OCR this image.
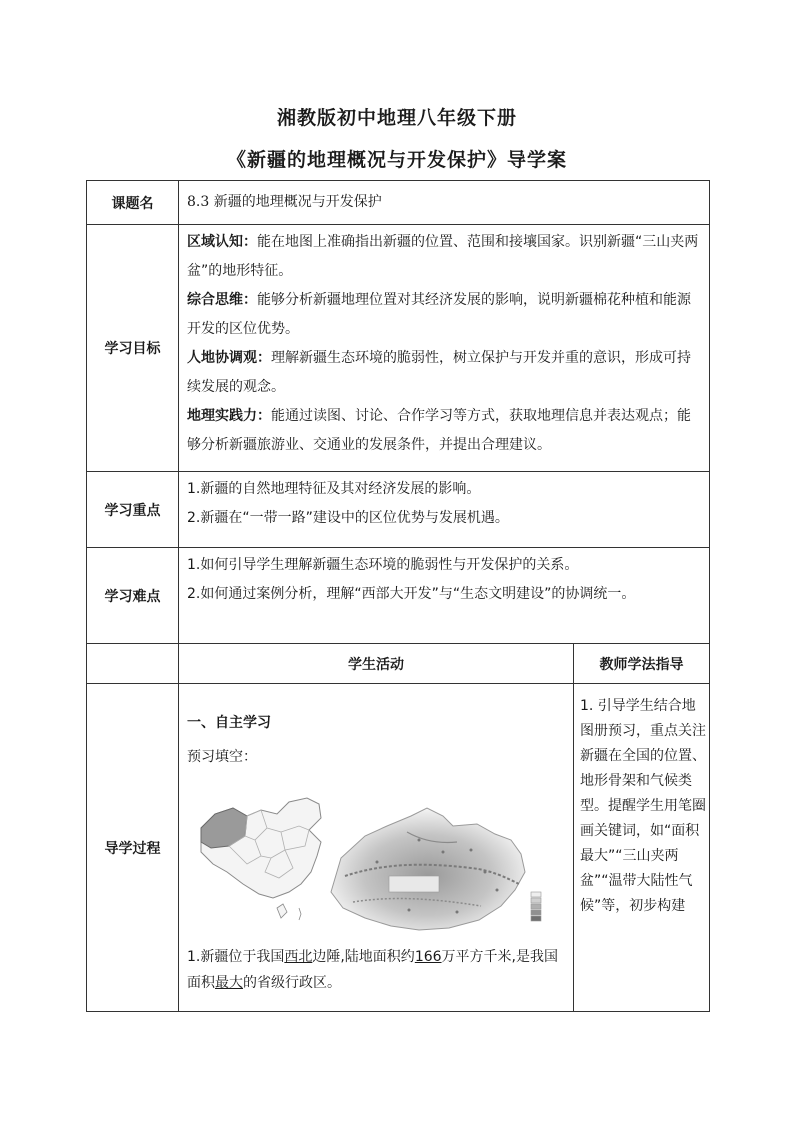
湘教版初中地理八年级下册
《新疆的地理概况与开发保护》导学案
课题名	8.3 新疆的地理概况与开发保护	
学习目标	区域认知：能在地图上准确指出新疆的位置、范围和接壤国家。识别新疆“三山夹两盆”的地形特征。
综合思维：能够分析新疆地理位置对其经济发展的影响，说明新疆棉花种植和能源开发的区位优势。
人地协调观：理解新疆生态环境的脆弱性，树立保护与开发并重的意识，形成可持续发展的观念。
地理实践力：能通过读图、讨论、合作学习等方式，获取地理信息并表达观点；能够分析新疆旅游业、交通业的发展条件，并提出合理建议。	

学习重点	1.新疆的自然地理特征及其对经济发展的影响。
2.新疆在“一带一路”建设中的区位优势与发展机遇。	

学习难点	1.如何引导学生理解新疆生态环境的脆弱性与开发保护的关系。
2.如何通过案例分析，理解“西部大开发”与“生态文明建设”的协调统一。	

	学生活动	教师学法指导
导学过程	一、自主学习
预习填空：
1.新疆位于我国西北边陲,陆地面积约166万平方千米,是我国面积最大的省级行政区。	1. 引导学生结合地图册预习，重点关注新疆在全国的位置、地形骨架和气候类型。提醒学生用笔圈画关键词，如“面积最大”“三山夹两盆”“温带大陆性气候”等，初步构建
